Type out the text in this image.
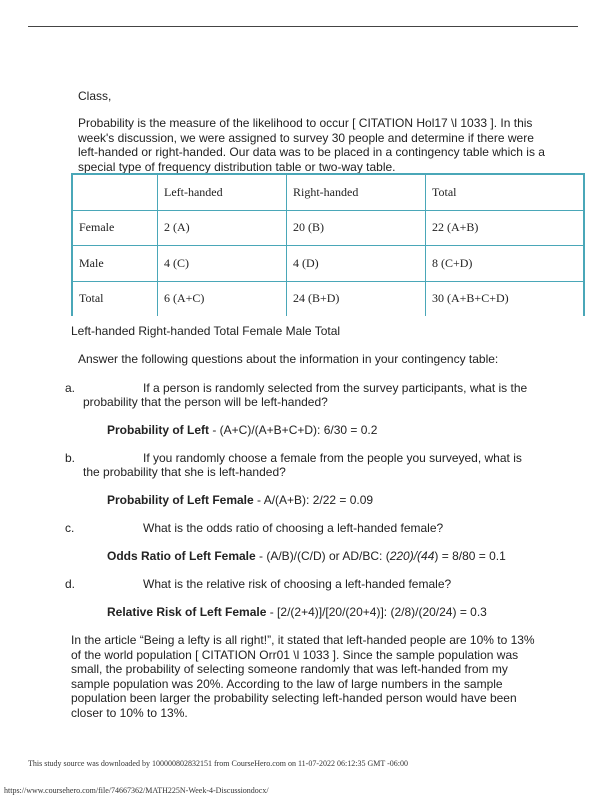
Class,

Probability is the measure of the likelihood to occur [ CITATION Hol17 \l 1033 ]. In this week's discussion, we were assigned to survey 30 people and determine if there were left-handed or right-handed. Our data was to be placed in a contingency table which is a special type of frequency distribution table or two-way table.

	Left-handed	Right-handed	Total
Female	2 (A)	20 (B)	22 (A+B)
Male	4 (C)	4 (D)	8 (C+D)
Total	6 (A+C)	24 (B+D)	30 (A+B+C+D)

Left-handed Right-handed Total Female Male Total

Answer the following questions about the information in your contingency table:

a.	If a person is randomly selected from the survey participants, what is the
probability that the person will be left-handed?
Probability of Left - (A+C)/(A+B+C+D): 6/30 = 0.2
b.	If you randomly choose a female from the people you surveyed, what is
the probability that she is left-handed?
Probability of Left Female - A/(A+B): 2/22 = 0.09
c.	What is the odds ratio of choosing a left-handed female?
Odds Ratio of Left Female - (A/B)/(C/D) or AD/BC: (220)/(44) = 8/80 = 0.1
d.	What is the relative risk of choosing a left-handed female?
Relative Risk of Left Female - [2/(2+4)]/[20/(20+4)]: (2/8)/(20/24) = 0.3

In the article “Being a lefty is all right!”, it stated that left-handed people are 10% to 13% of the world population [ CITATION Orr01 \l 1033 ]. Since the sample population was small, the probability of selecting someone randomly that was left-handed from my sample population was 20%. According to the law of large numbers in the sample population been larger the probability selecting left-handed person would have been closer to 10% to 13%.

This study source was downloaded by 100000802832151 from CourseHero.com on 11-07-2022 06:12:35 GMT -06:00
https://www.coursehero.com/file/74667362/MATH225N-Week-4-Discussiondocx/
